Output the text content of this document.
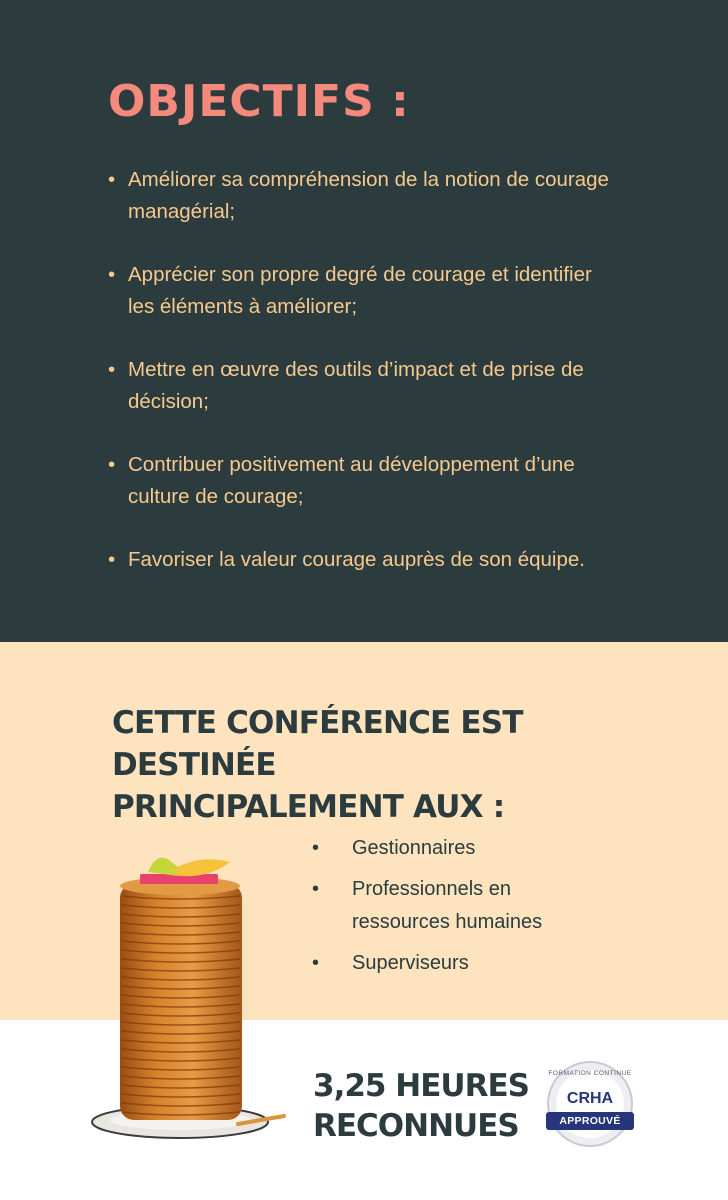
OBJECTIFS :
• Améliorer sa compréhension de la notion de courage
managérial;
• Apprécier son propre degré de courage et identifier
les éléments à améliorer;
• Mettre en œuvre des outils d’impact et de prise de
décision;
• Contribuer positivement au développement d’une
culture de courage;
• Favoriser la valeur courage auprès de son équipe.
CETTE CONFÉRENCE EST DESTINÉE
PRINCIPALEMENT AUX :
• Gestionnaires
• Professionnels en
ressources humaines
• Superviseurs
3,25 HEURES
RECONNUES
FORMATION CONTINUE
CRHA
APPROUVÉ
